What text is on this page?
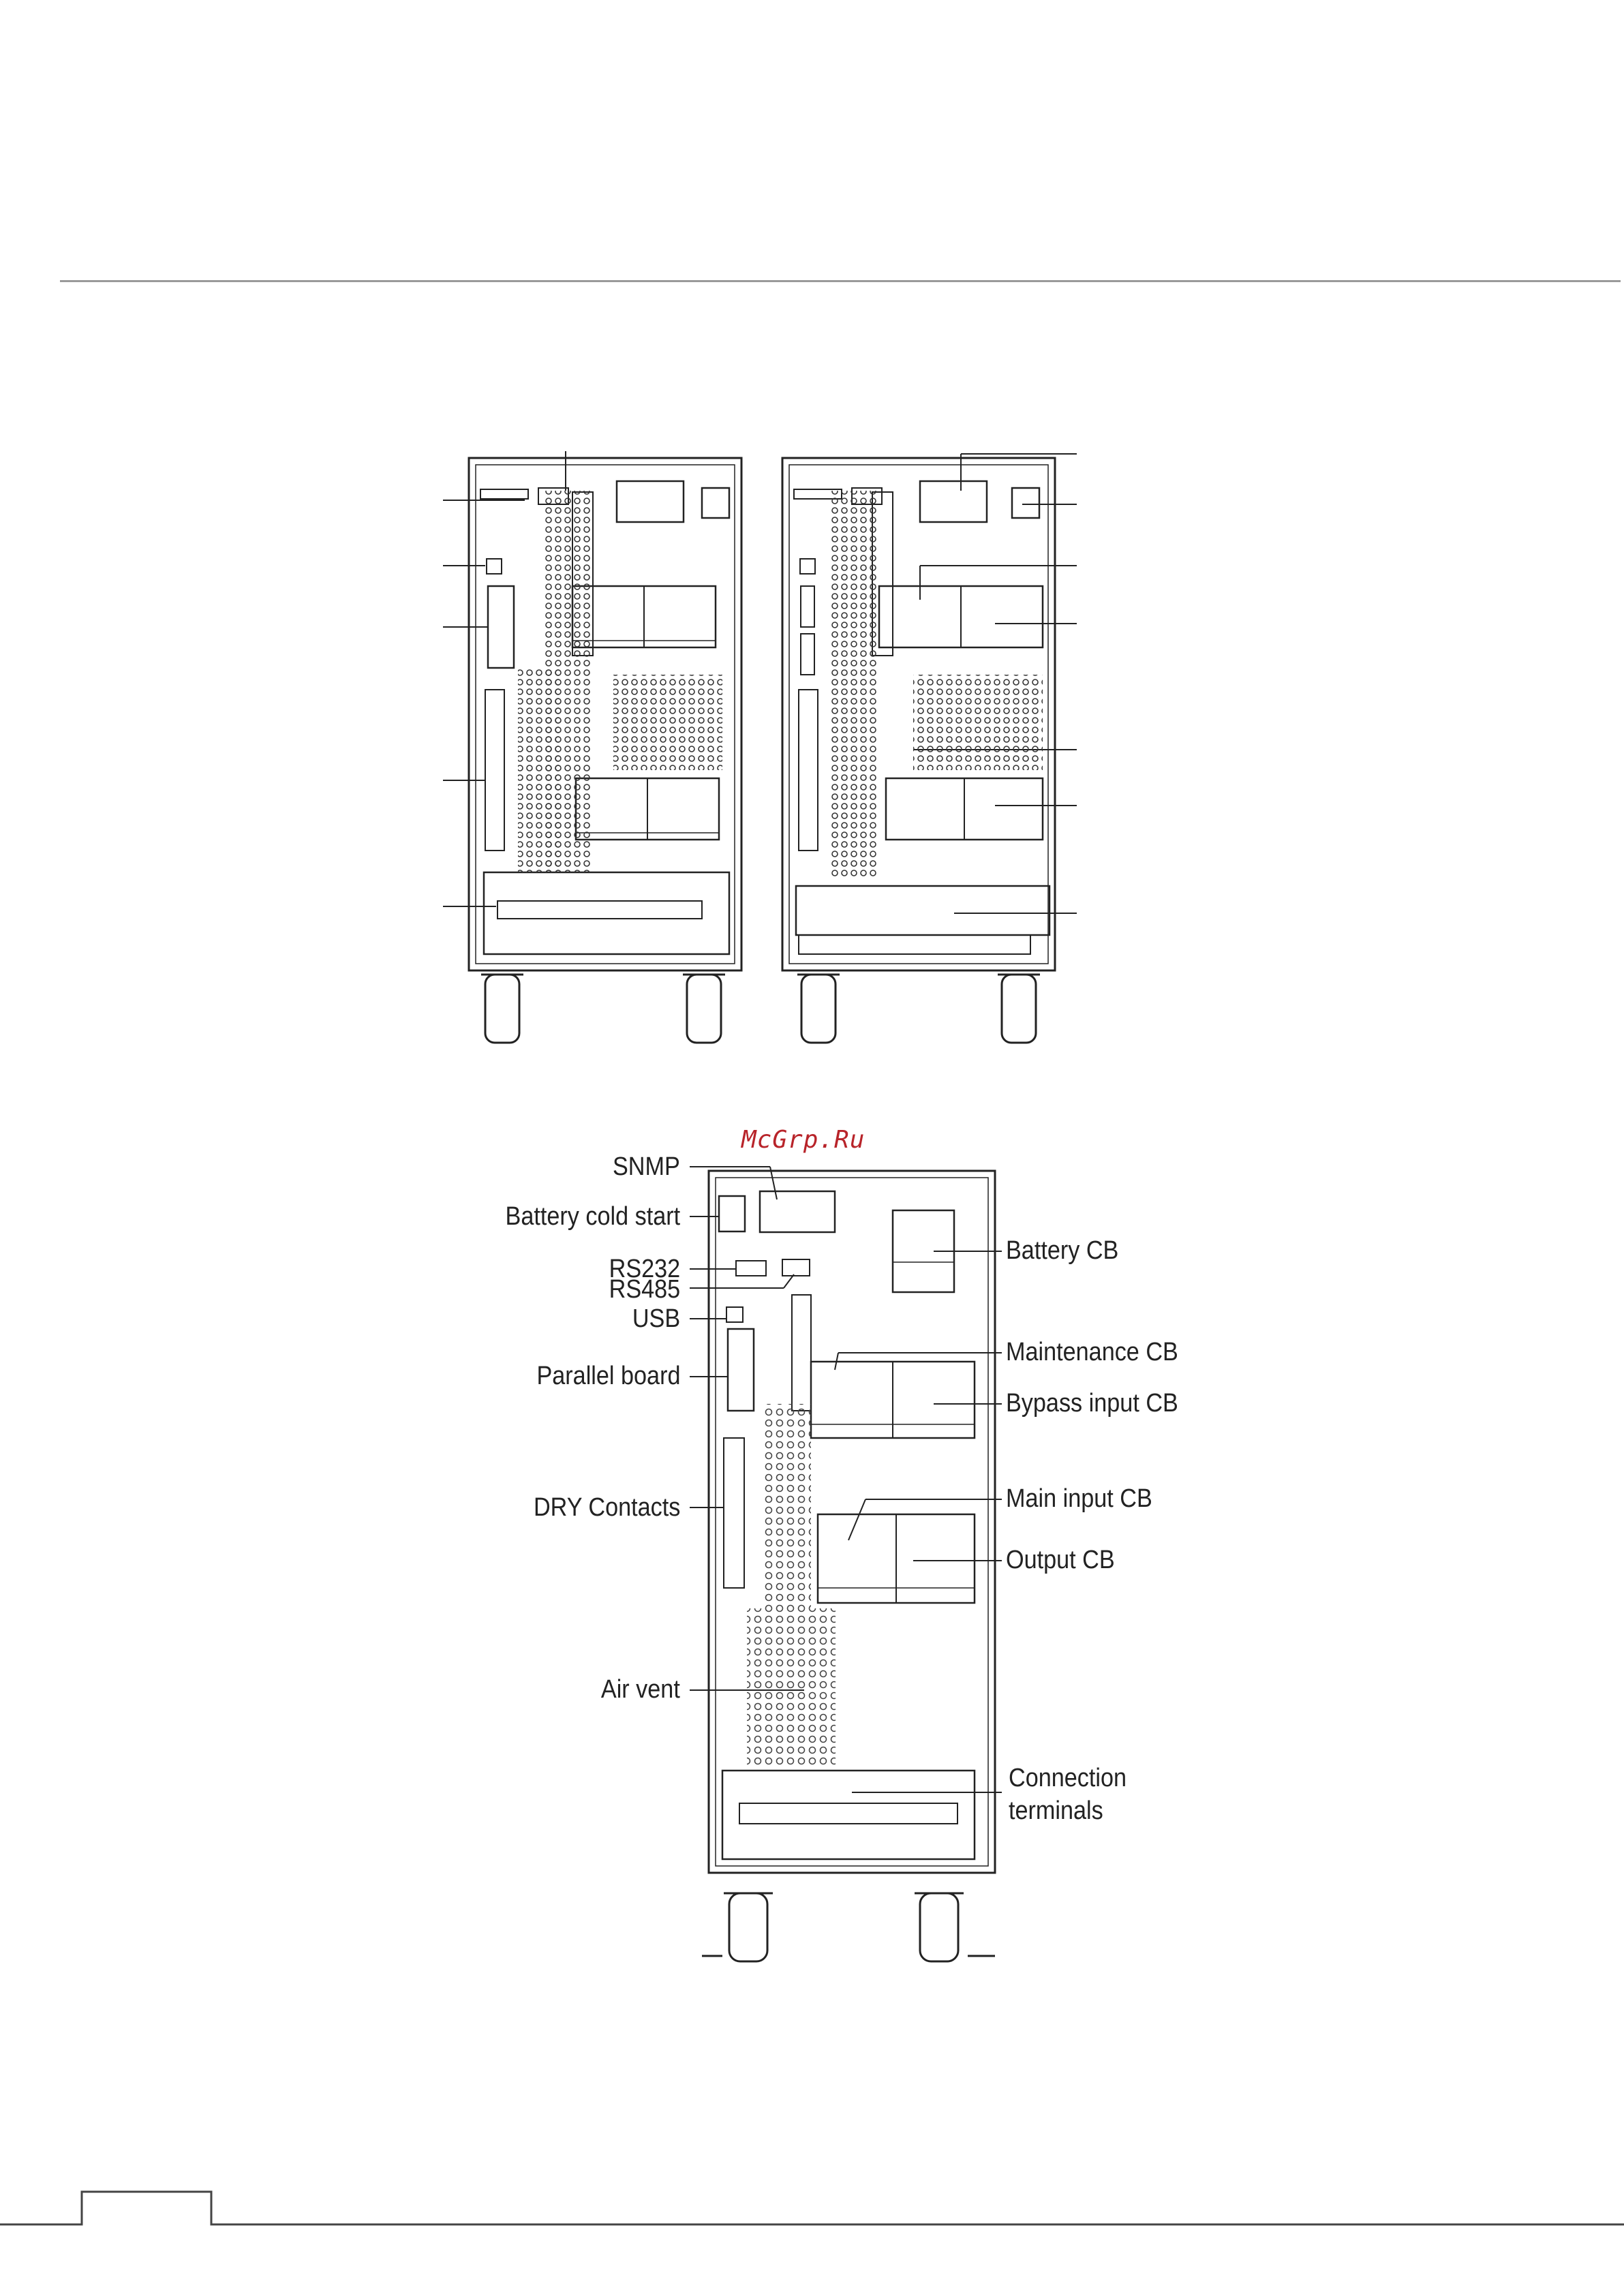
McGrp.Ru
SNMP
Battery cold start
RS232
RS485
USB
Parallel board
DRY Contacts
Air vent
Battery CB
Maintenance CB
Bypass input CB
Main input CB
Output CB
Connection
terminals
